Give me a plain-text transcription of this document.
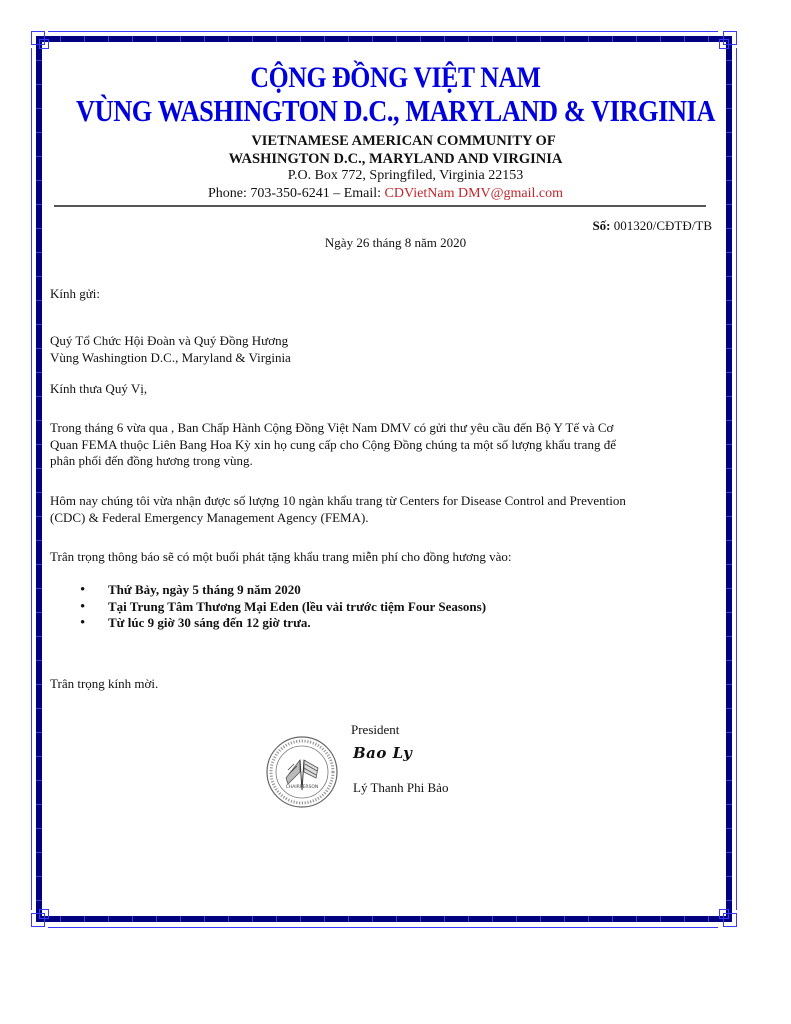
CỘNG ĐỒNG VIỆT NAM
VÙNG WASHINGTON D.C., MARYLAND & VIRGINIA
VIETNAMESE AMERICAN COMMUNITY OF
WASHINGTON D.C., MARYLAND AND VIRGINIA
P.O. Box 772, Springfiled, Virginia 22153
Phone: 703-350-6241 – Email: CDVietNam DMV@gmail.com
Số: 001320/CĐTĐ/TB
Ngày 26 tháng 8 năm 2020
Kính gửi:
Quý Tổ Chức Hội Đoàn và Quý Đồng Hương
Vùng Washingtion D.C., Maryland & Virginia
Kính thưa Quý Vị,
Trong tháng 6 vừa qua , Ban Chấp Hành Cộng Đồng Việt Nam DMV có gửi thư yêu cầu đến Bộ Y Tế và Cơ
Quan FEMA thuộc Liên Bang Hoa Kỳ xin họ cung cấp cho Cộng Đồng chúng ta một số lượng khẩu trang để
phân phối đến đồng hương trong vùng.
Hôm nay chúng tôi vừa nhận được số lượng 10 ngàn khẩu trang từ Centers for Disease Control and Prevention
(CDC) & Federal Emergency Management Agency (FEMA).
Trân trọng thông báo sẽ có một buổi phát tặng khẩu trang miễn phí cho đồng hương vào:
• Thứ Bảy, ngày 5 tháng 9 năm 2020
• Tại Trung Tâm Thương Mại Eden (lều vải trước tiệm Four Seasons)
• Từ lúc 9 giờ 30 sáng đến 12 giờ trưa.
Trân trọng kính mời.
President
Bao Ly
Lý Thanh Phi Bảo
CHAIRPERSON
